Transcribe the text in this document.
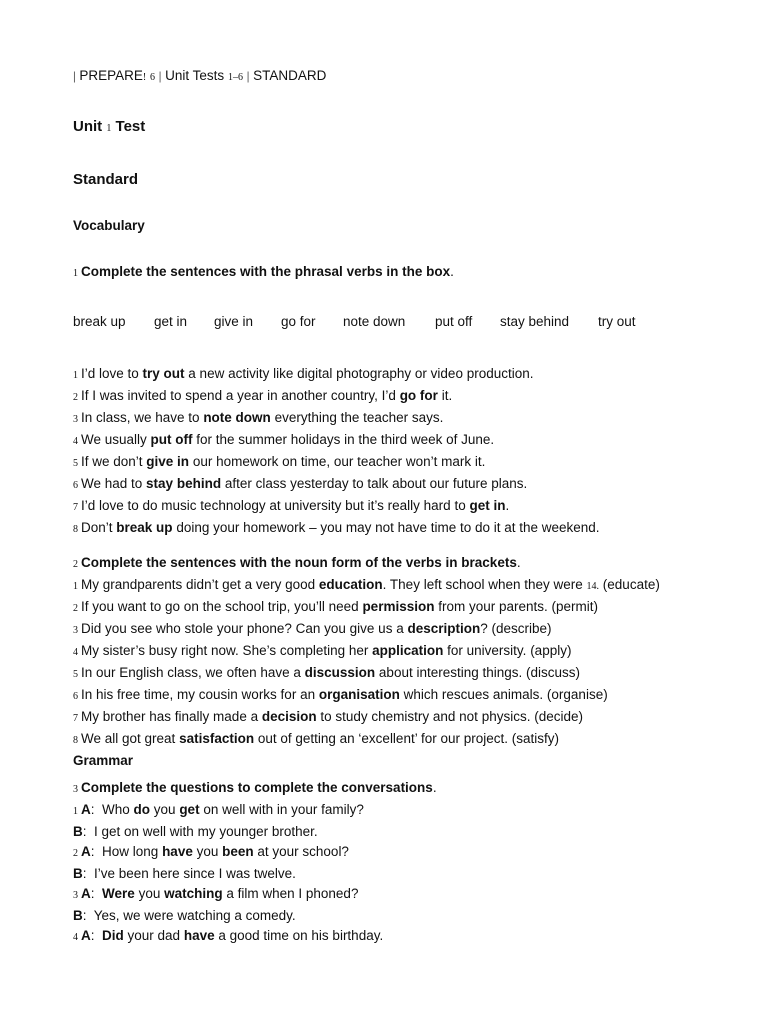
| PREPARE! 6 | Unit Tests 1–6 | STANDARD
Unit 1 Test
Standard
Vocabulary
1 Complete the sentences with the phrasal verbs in the box.
break up get in give in go for note down put off stay behind try out
1 I’d love to try out a new activity like digital photography or video production.
2 If I was invited to spend a year in another country, I’d go for it.
3 In class, we have to note down everything the teacher says.
4 We usually put off for the summer holidays in the third week of June.
5 If we don’t give in our homework on time, our teacher won’t mark it.
6 We had to stay behind after class yesterday to talk about our future plans.
7 I’d love to do music technology at university but it’s really hard to get in.
8 Don’t break up doing your homework – you may not have time to do it at the weekend.
2 Complete the sentences with the noun form of the verbs in brackets.
1 My grandparents didn’t get a very good education. They left school when they were 14. (educate)
2 If you want to go on the school trip, you’ll need permission from your parents. (permit)
3 Did you see who stole your phone? Can you give us a description? (describe)
4 My sister’s busy right now. She’s completing her application for university. (apply)
5 In our English class, we often have a discussion about interesting things. (discuss)
6 In his free time, my cousin works for an organisation which rescues animals. (organise)
7 My brother has finally made a decision to study chemistry and not physics. (decide)
8 We all got great satisfaction out of getting an ‘excellent’ for our project. (satisfy)
Grammar
3 Complete the questions to complete the conversations.
1 A:  Who do you get on well with in your family?
B:  I get on well with my younger brother.
2 A:  How long have you been at your school?
B:  I’ve been here since I was twelve.
3 A: Were you watching a film when I phoned?
B:  Yes, we were watching a comedy.
4 A: Did your dad have a good time on his birthday.
